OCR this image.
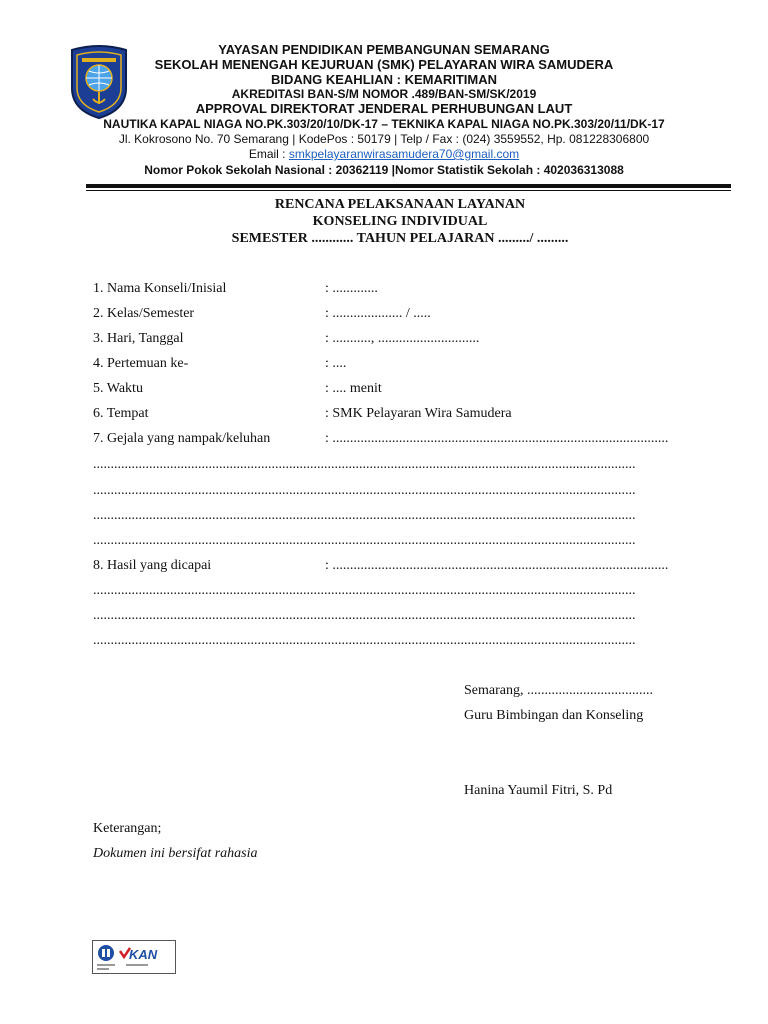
YAYASAN PENDIDIKAN PEMBANGUNAN SEMARANG
SEKOLAH MENENGAH KEJURUAN (SMK) PELAYARAN WIRA SAMUDERA
BIDANG KEAHLIAN : KEMARITIMAN
AKREDITASI BAN-S/M NOMOR .489/BAN-SM/SK/2019
APPROVAL DIREKTORAT JENDERAL PERHUBUNGAN LAUT
NAUTIKA KAPAL NIAGA NO.PK.303/20/10/DK-17 – TEKNIKA KAPAL NIAGA NO.PK.303/20/11/DK-17
Jl. Kokrosono No. 70 Semarang | KodePos : 50179 | Telp / Fax : (024) 3559552, Hp. 081228306800
Email : smkpelayaranwirasamudera70@gmail.com
Nomor Pokok Sekolah Nasional : 20362119 |Nomor Statistik Sekolah : 402036313088
RENCANA PELAKSANAAN LAYANAN
KONSELING INDIVIDUAL
SEMESTER ............ TAHUN PELAJARAN ........./ .........
1. Nama Konseli/Inisial	: .............
2. Kelas/Semester	: .................... / .....
3. Hari, Tanggal	: ..........., .............................
4. Pertemuan ke-	: ....
5. Waktu	: .... menit
6. Tempat	: SMK Pelayaran Wira Samudera
7. Gejala yang nampak/keluhan	: ................................................................................................
...........................................................................................................................................................
...........................................................................................................................................................
...........................................................................................................................................................
...........................................................................................................................................................
8. Hasil yang dicapai	: ................................................................................................
...........................................................................................................................................................
...........................................................................................................................................................
...........................................................................................................................................................
Semarang, ....................................
Guru Bimbingan dan Konseling
Hanina Yaumil Fitri, S. Pd
Keterangan;
Dokumen ini bersifat rahasia
KAN
